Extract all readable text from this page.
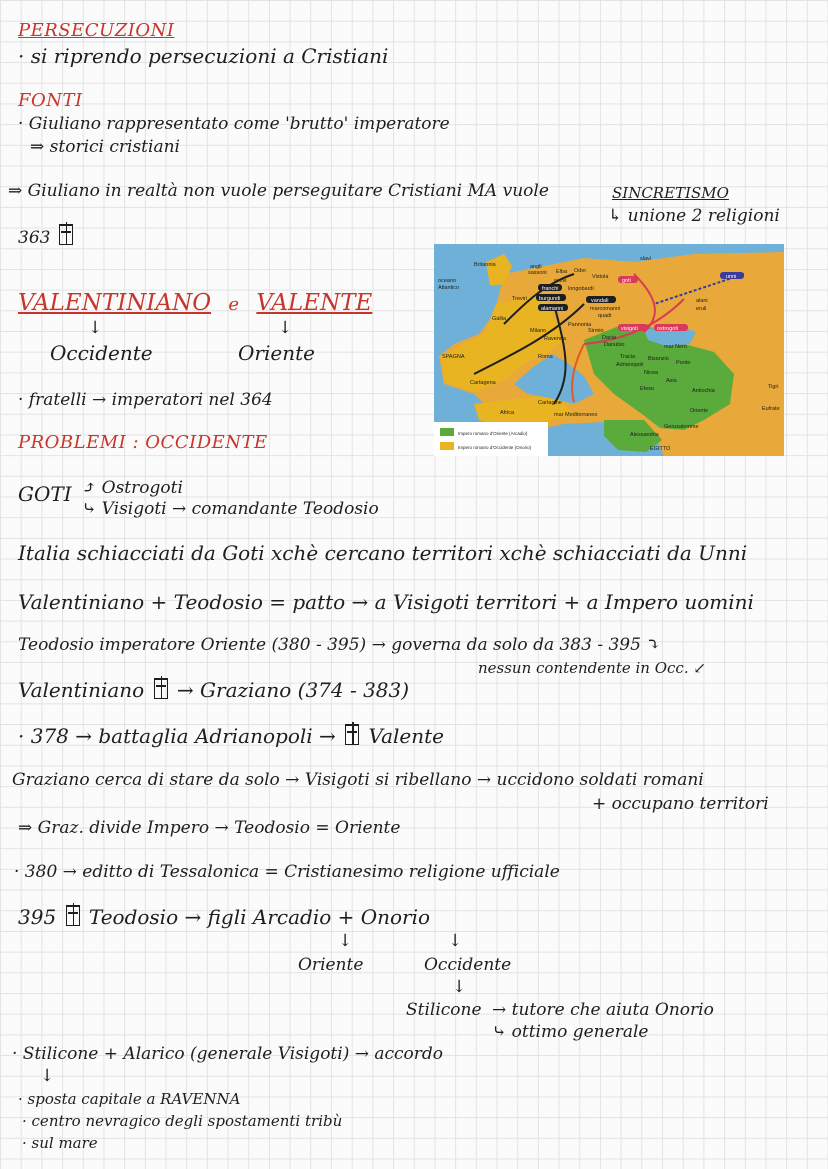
PERSECUZIONI
· si riprendo persecuzioni a Cristiani
FONTI
· Giuliano rappresentato come 'brutto' imperatore
⇒ storici cristiani
⇒ Giuliano in realtà non vuole perseguitare Cristiani MA vuole	SINCRETISMO
↳ unione 2 religioni
363
VALENTINIANO e VALENTE
↓	↓
Occidente	Oriente
· fratelli → imperatori nel 364
PROBLEMI : OCCIDENTE
GOTI ⤴ Ostrogoti
⤷ Visigoti → comandante Teodosio
Italia schiacciati da Goti xchè cercano territori xchè schiacciati da Unni
Valentiniano + Teodosio = patto → a Visigoti territori + a Impero uomini
Teodosio imperatore Oriente (380 - 395) → governa da solo da 383 - 395 ⤵
nessun contendente in Occ. ↙
Valentiniano → Graziano (374 - 383)
· 378 → battaglia Adrianopoli → Valente
Graziano cerca di stare da solo → Visigoti si ribellano → uccidono soldati romani
+ occupano territori
⇒ Graz. divide Impero → Teodosio = Oriente
· 380 → editto di Tessalonica = Cristianesimo religione ufficiale
395 Teodosio → figli Arcadio + Onorio
↓	↓
Oriente	Occidente
↓
Stilicone → tutore che aiuta Onorio
⤷ ottimo generale
· Stilicone + Alarico (generale Visigoti) → accordo
↓
· sposta capitale a RAVENNA
· centro nevragico degli spostamenti tribù
· sul mare
Britannia
oceano
Atlantico
angli
sassoni Elba Oder
Vistola
svevi
franchi longobardi
Treviri burgundi	vandali
alamanni	marcomanni
quadi
Gallia
Pannonia
Milano
Ravenna
Sirmio
Dacia
Danubio
slavi
goti
unni
alani
eruli
visigoti	ostrogoti
mar Nero
SPAGNA	Roma	Tracia
Adrianopoli
Bisanzio
Ponto
Nicea
Asia
Efeso
Cartagena
Cartagine
Antiochia
Tigri
Oriente	Eufrate
Africa	mar Mediterraneo
Gerusalemme
Alessandria
EGITTO
Impero romano d'Oriente (Arcadio)
Impero romano d'Occidente (Onorio)
